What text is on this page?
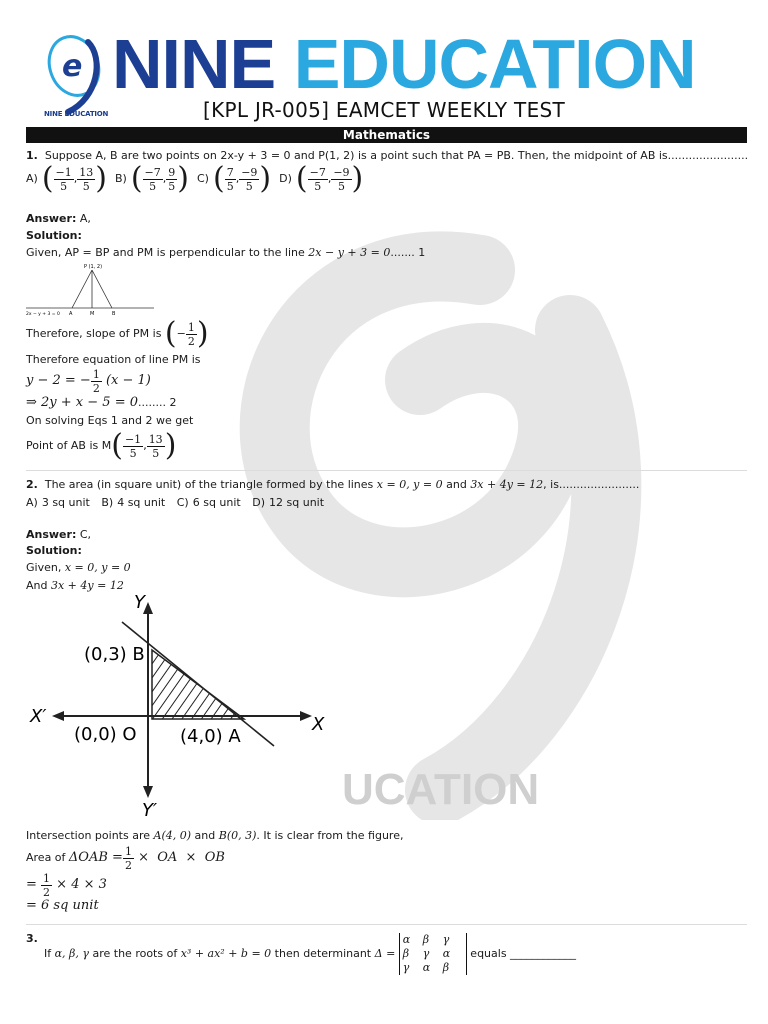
e
NINE EDUCATION
NINE EDUCATION
[KPL JR-005] EAMCET WEEKLY TEST
Mathematics
1. Suppose A, B are two points on 2x-y + 3 = 0 and P(1, 2) is a point such that PA = PB. Then, the midpoint of AB is.......................
A) ( $\frac{-1}{5}$ , $\frac{13}{5}$ ) B) ( $\frac{-7}{5}$ , $\frac{9}{5}$ ) C) ( $\frac{7}{5}$ , $\frac{-9}{5}$ ) D) ( $\frac{-7}{5}$ , $\frac{-9}{5}$ )
Answer: A,
Solution:
Given, AP = BP and PM is perpendicular to the line 2x − y + 3 = 0....... 1
P (1, 2)
2x − y + 3 = 0 A	M	B
Therefore, slope of PM is
( − $\frac{1}{2}$ )
Therefore equation of line PM is
y − 2 = − $\frac{1}{2}$
(x − 1)
⇒ 2y + x − 5 = 0........ 2
On solving Eqs 1 and 2 we get
Point of AB is M ( $\frac{-1}{5}$ , $\frac{13}{5}$ )
2. The area (in square unit) of the triangle formed by the lines x = 0, y = 0 and 3x + 4y = 12, is.......................
A) 3 sq unit
B) 4 sq unit
C) 6 sq unit
D) 12 sq unit
Answer: C,
Solution:
Given, x = 0, y = 0
And 3x + 4y = 12
Y
X
X′
Y′
(0,3) B
(0,0) O (4,0) A
UCATION
Intersection points are A(4, 0) and B(0, 3). It is clear from the figure,
Area of
$\Delta OAB = \frac{1}{2}$ ×  OA  ×  OB
= $\frac{1}{2} \times 4 \times 3$
= 6 sq unit
3.
If
α, β, γ
are the roots of
x³ + ax² + b = 0
then determinant
Δ =

α β γ
β γ α
γ α β

equals ____________
